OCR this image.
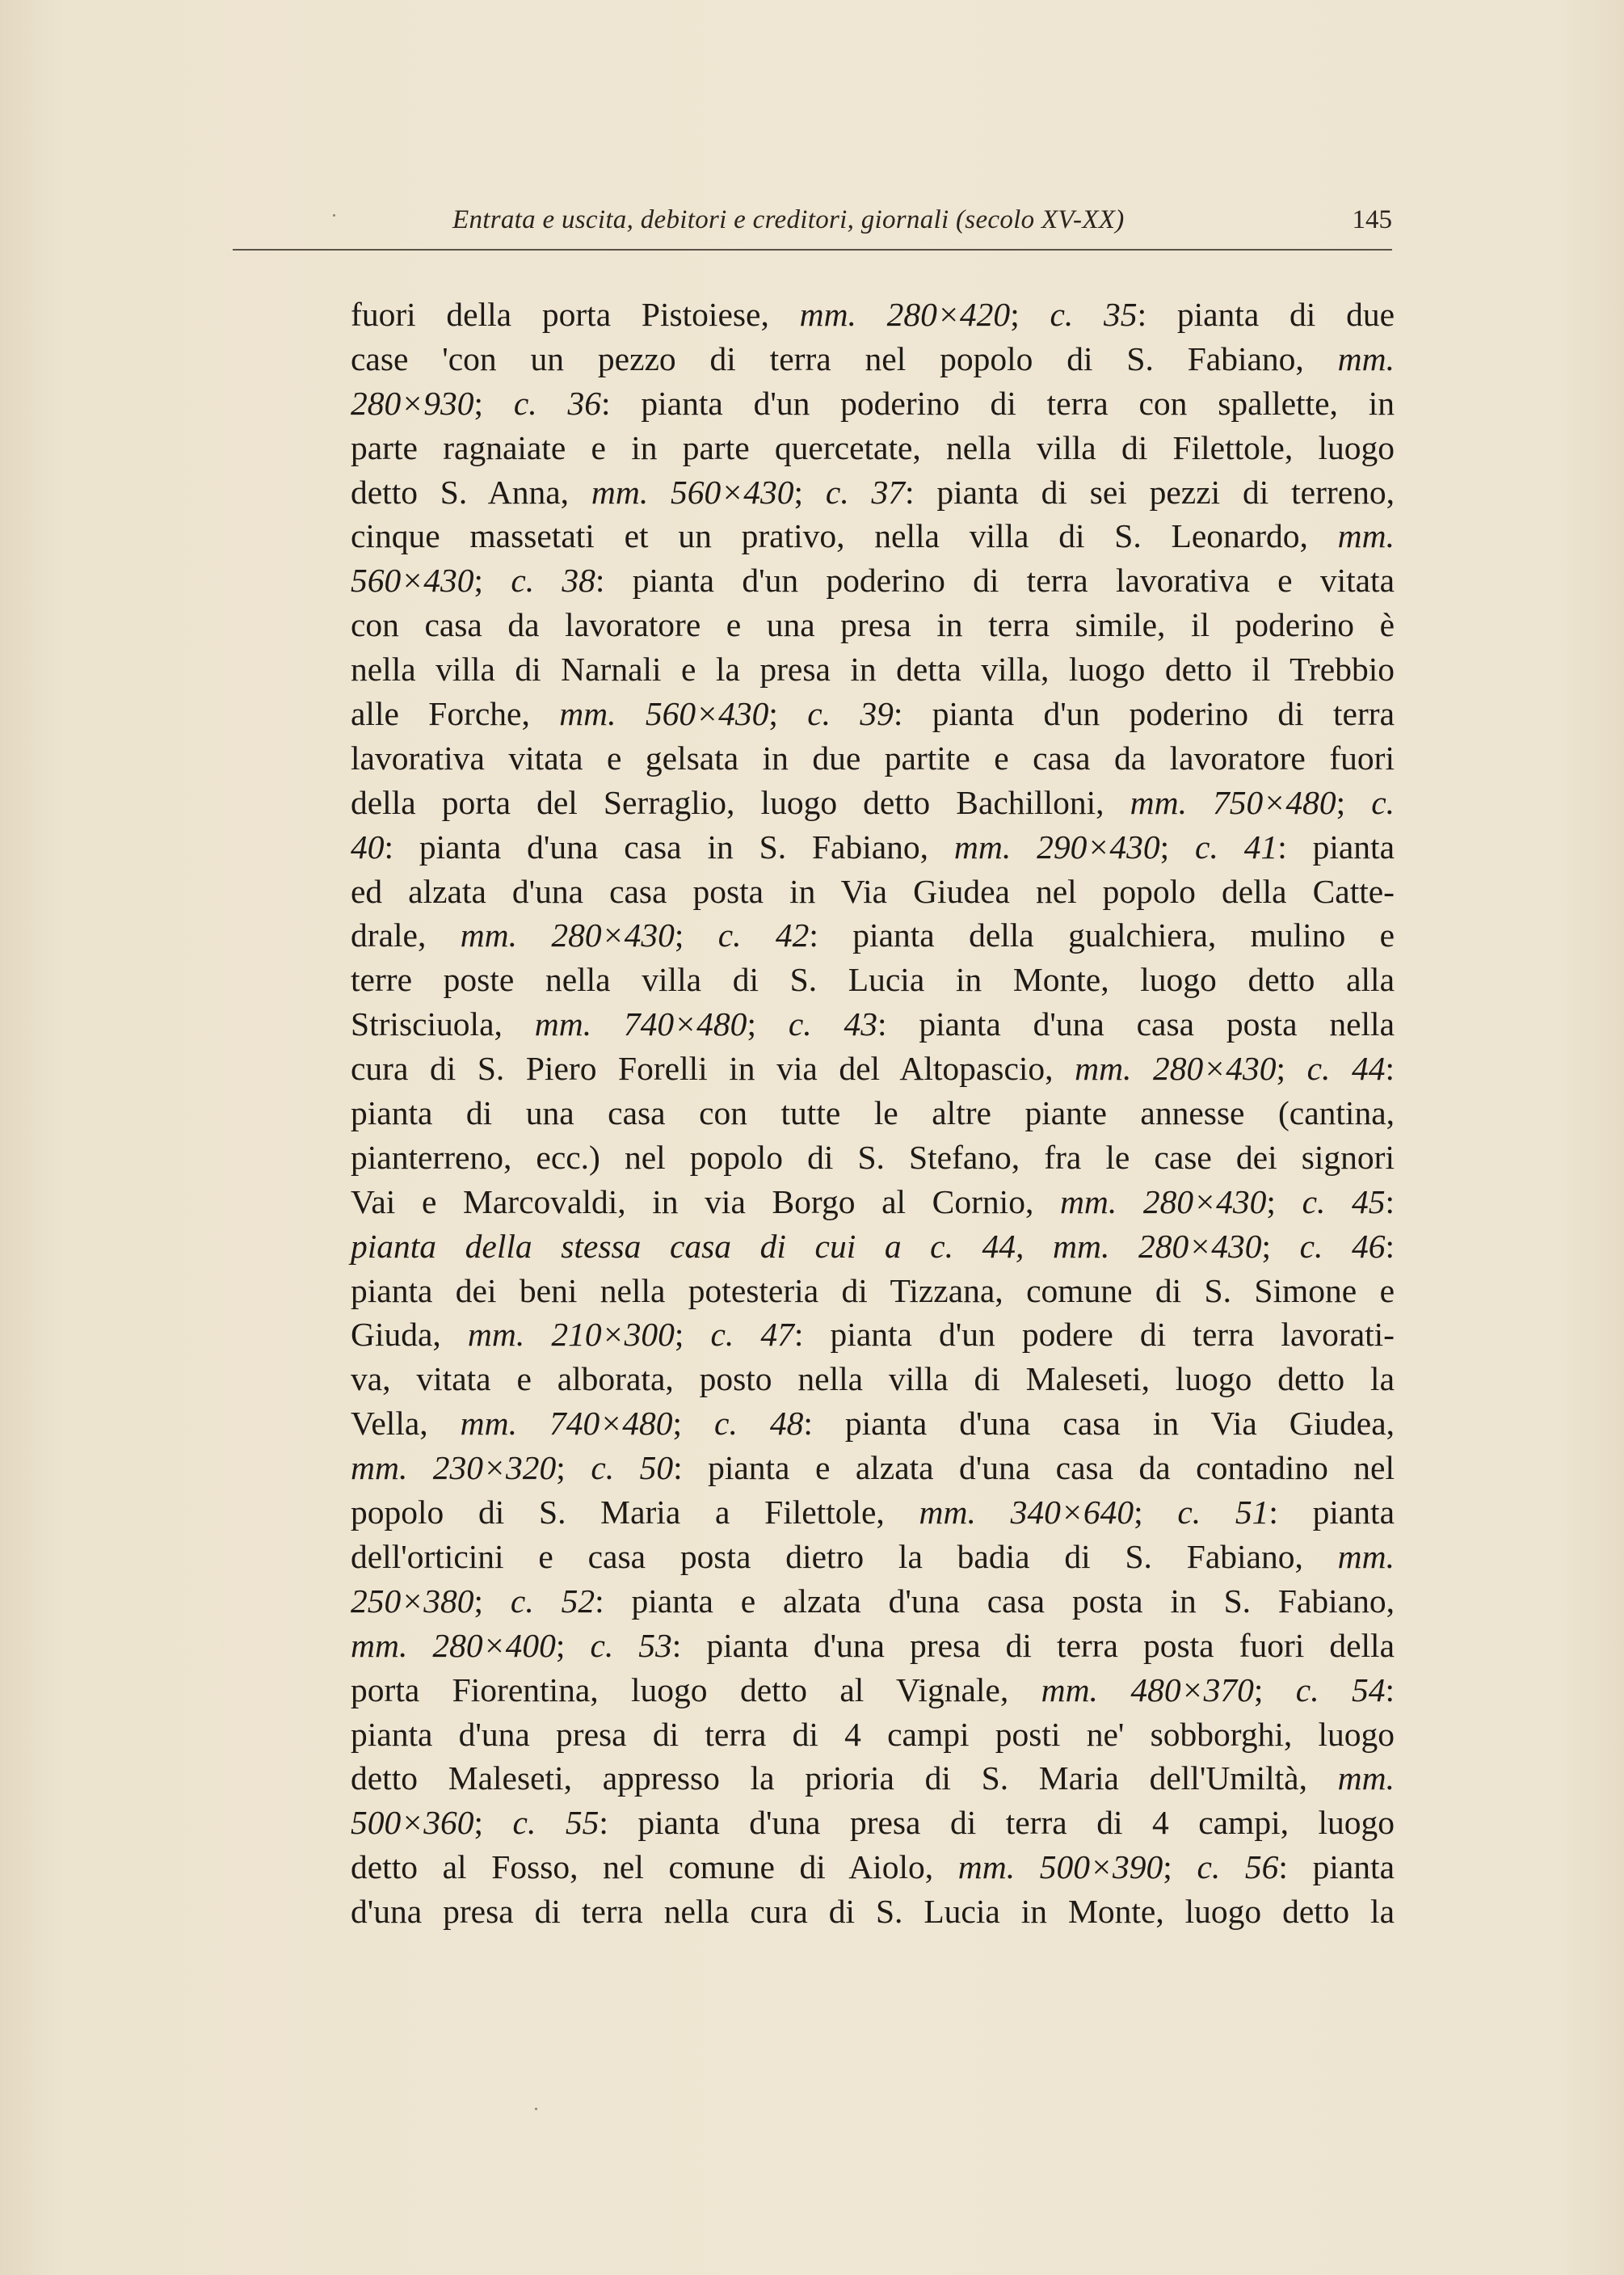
Entrata e uscita, debitori e creditori, giornali (secolo XV-XX)	145
fuori della porta Pistoiese, mm. 280×420; c. 35: pianta di due
case 'con un pezzo di terra nel popolo di S. Fabiano, mm.
280×930; c. 36: pianta d'un poderino di terra con spallette, in
parte ragnaiate e in parte quercetate, nella villa di Filettole, luogo
detto S. Anna, mm. 560×430; c. 37: pianta di sei pezzi di terreno,
cinque massetati et un prativo, nella villa di S. Leonardo, mm.
560×430; c. 38: pianta d'un poderino di terra lavorativa e vitata
con casa da lavoratore e una presa in terra simile, il poderino è
nella villa di Narnali e la presa in detta villa, luogo detto il Trebbio
alle Forche, mm. 560×430; c. 39: pianta d'un poderino di terra
lavorativa vitata e gelsata in due partite e casa da lavoratore fuori
della porta del Serraglio, luogo detto Bachilloni, mm. 750×480; c.
40: pianta d'una casa in S. Fabiano, mm. 290×430; c. 41: pianta
ed alzata d'una casa posta in Via Giudea nel popolo della Catte-
drale, mm. 280×430; c. 42: pianta della gualchiera, mulino e
terre poste nella villa di S. Lucia in Monte, luogo detto alla
Strisciuola, mm. 740×480; c. 43: pianta d'una casa posta nella
cura di S. Piero Forelli in via del Altopascio, mm. 280×430; c. 44:
pianta di una casa con tutte le altre piante annesse (cantina,
pianterreno, ecc.) nel popolo di S. Stefano, fra le case dei signori
Vai e Marcovaldi, in via Borgo al Cornio, mm. 280×430; c. 45:
pianta della stessa casa di cui a c. 44, mm. 280×430; c. 46:
pianta dei beni nella potesteria di Tizzana, comune di S. Simone e
Giuda, mm. 210×300; c. 47: pianta d'un podere di terra lavorati-
va, vitata e alborata, posto nella villa di Maleseti, luogo detto la
Vella, mm. 740×480; c. 48: pianta d'una casa in Via Giudea,
mm. 230×320; c. 50: pianta e alzata d'una casa da contadino nel
popolo di S. Maria a Filettole, mm. 340×640; c. 51: pianta
dell'orticini e casa posta dietro la badia di S. Fabiano, mm.
250×380; c. 52: pianta e alzata d'una casa posta in S. Fabiano,
mm. 280×400; c. 53: pianta d'una presa di terra posta fuori della
porta Fiorentina, luogo detto al Vignale, mm. 480×370; c. 54:
pianta d'una presa di terra di 4 campi posti ne' sobborghi, luogo
detto Maleseti, appresso la prioria di S. Maria dell'Umiltà, mm.
500×360; c. 55: pianta d'una presa di terra di 4 campi, luogo
detto al Fosso, nel comune di Aiolo, mm. 500×390; c. 56: pianta
d'una presa di terra nella cura di S. Lucia in Monte, luogo detto la
